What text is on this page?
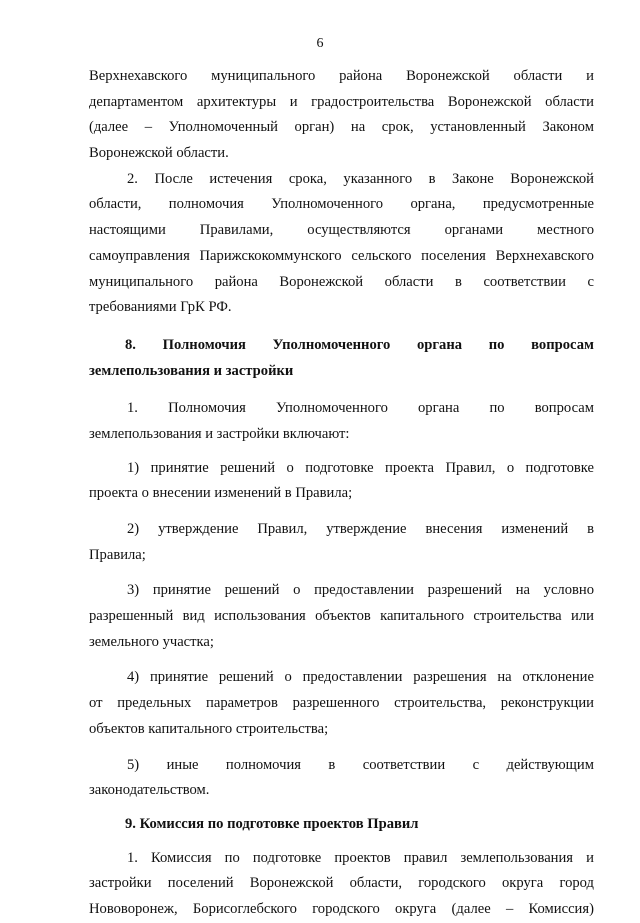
6
Верхнехавского муниципального района Воронежской области и
департаментом архитектуры и градостроительства Воронежской области
(далее – Уполномоченный орган) на срок, установленный Законом
Воронежской области.
2. После истечения срока, указанного в Законе Воронежской
области, полномочия Уполномоченного органа, предусмотренные
настоящими Правилами, осуществляются органами местного
самоуправления Парижскокоммунского сельского поселения Верхнехавского
муниципального района Воронежской области в соответствии с
требованиями ГрК РФ.
8. Полномочия Уполномоченного органа по вопросам
землепользования и застройки
1. Полномочия Уполномоченного органа по вопросам
землепользования и застройки включают:
1) принятие решений о подготовке проекта Правил, о подготовке
проекта о внесении изменений в Правила;
2) утверждение Правил, утверждение внесения изменений в
Правила;
3) принятие решений о предоставлении разрешений на условно
разрешенный вид использования объектов капитального строительства или
земельного участка;
4) принятие решений о предоставлении разрешения на отклонение
от предельных параметров разрешенного строительства, реконструкции
объектов капитального строительства;
5) иные полномочия в соответствии с действующим
законодательством.
9. Комиссия по подготовке проектов Правил
1. Комиссия по подготовке проектов правил землепользования и
застройки поселений Воронежской области, городского округа город
Нововоронеж, Борисоглебского городского округа (далее – Комиссия)
